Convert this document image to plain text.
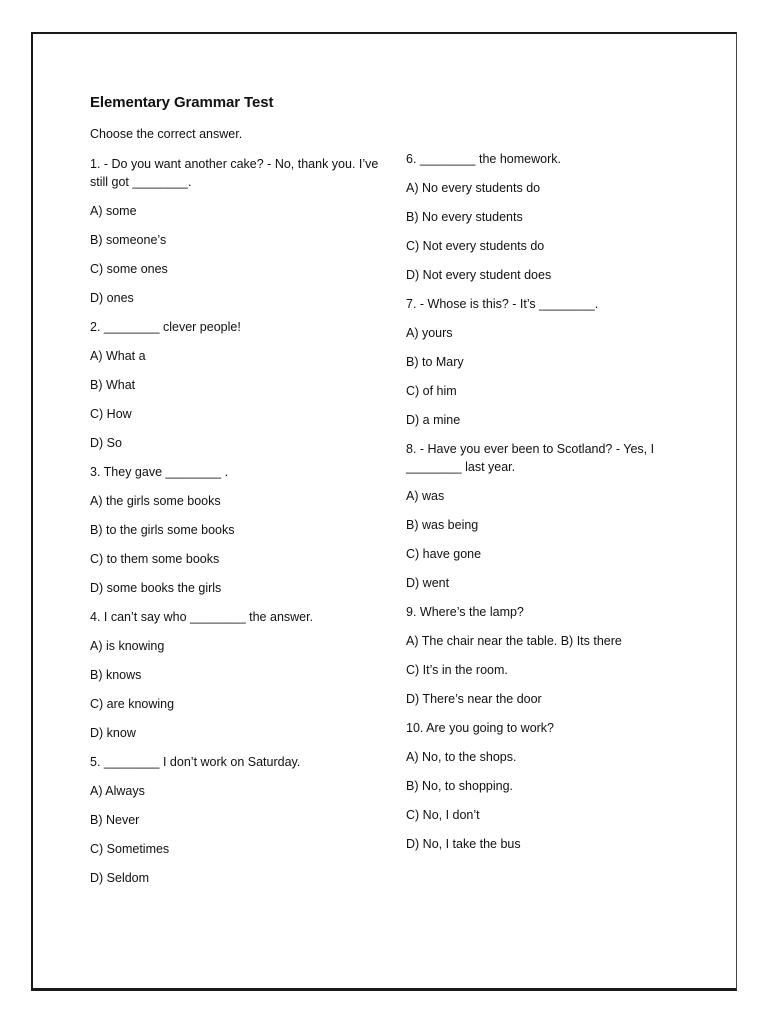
Elementary Grammar Test
Choose the correct answer.

1. - Do you want another cake? - No, thank you. I’ve still got ________.

A) some

B) someone’s

C) some ones

D) ones

2. ________ clever people!

A) What a

B) What

C) How

D) So

3. They gave ________ .

A) the girls some books

B) to the girls some books

C) to them some books

D) some books the girls

4. I can’t say who ________ the answer.

A) is knowing

B) knows

C) are knowing

D) know

5. ________ I don’t work on Saturday.

A) Always

B) Never

C) Sometimes

D) Seldom

6. ________ the homework.

A) No every students do

B) No every students

C) Not every students do

D) Not every student does

7. - Whose is this? - It’s ________.

A) yours

B) to Mary

C) of him

D) a mine

8. - Have you ever been to Scotland? - Yes, I ________ last year.

A) was

B) was being

C) have gone

D) went

9. Where’s the lamp?

A) The chair near the table. B) Its there

C) It’s in the room.

D) There’s near the door

10. Are you going to work?

A) No, to the shops.

B) No, to shopping.

C) No, I don’t

D) No, I take the bus
